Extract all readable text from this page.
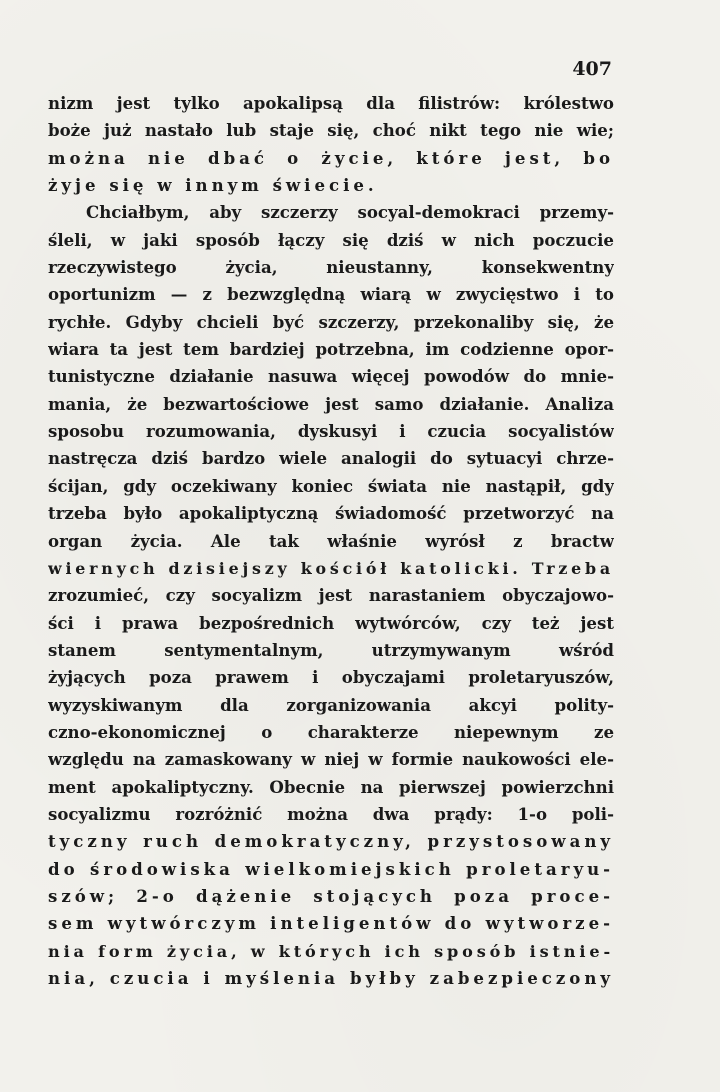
407
nizm jest tylko apokalipsą dla filistrów: królestwo
boże już nastało lub staje się, choć nikt tego nie wie;
można nie dbać o życie, które jest, bo
żyje się w innym świecie.
Chciałbym, aby szczerzy socyal-demokraci przemy-
śleli, w jaki sposób łączy się dziś w nich poczucie
rzeczywistego życia, nieustanny, konsekwentny
oportunizm — z bezwzględną wiarą w zwycięstwo i to
rychłe. Gdyby chcieli być szczerzy, przekonaliby się, że
wiara ta jest tem bardziej potrzebna, im codzienne opor-
tunistyczne działanie nasuwa więcej powodów do mnie-
mania, że bezwartościowe jest samo działanie. Analiza
sposobu rozumowania, dyskusyi i czucia socyalistów
nastręcza dziś bardzo wiele analogii do sytuacyi chrze-
ścijan, gdy oczekiwany koniec świata nie nastąpił, gdy
trzeba było apokaliptyczną świadomość przetworzyć na
organ życia. Ale tak właśnie wyrósł z bractw
wiernych dzisiejszy kościół katolicki. Trzeba
zrozumieć, czy socyalizm jest narastaniem obyczajowo-
ści i prawa bezpośrednich wytwórców, czy też jest
stanem sentymentalnym, utrzymywanym wśród
żyjących poza prawem i obyczajami proletaryuszów,
wyzyskiwanym dla zorganizowania akcyi polity-
czno-ekonomicznej o charakterze niepewnym ze
względu na zamaskowany w niej w formie naukowości ele-
ment apokaliptyczny. Obecnie na pierwszej powierzchni
socyalizmu rozróżnić można dwa prądy: 1-o poli-
tyczny ruch demokratyczny, przystosowany
do środowiska wielkomiejskich proletaryu-
szów; 2-o dążenie stojących poza proce-
sem wytwórczym inteligentów do wytworze-
nia form życia, w których ich sposób istnie-
nia, czucia i myślenia byłby zabezpieczony
